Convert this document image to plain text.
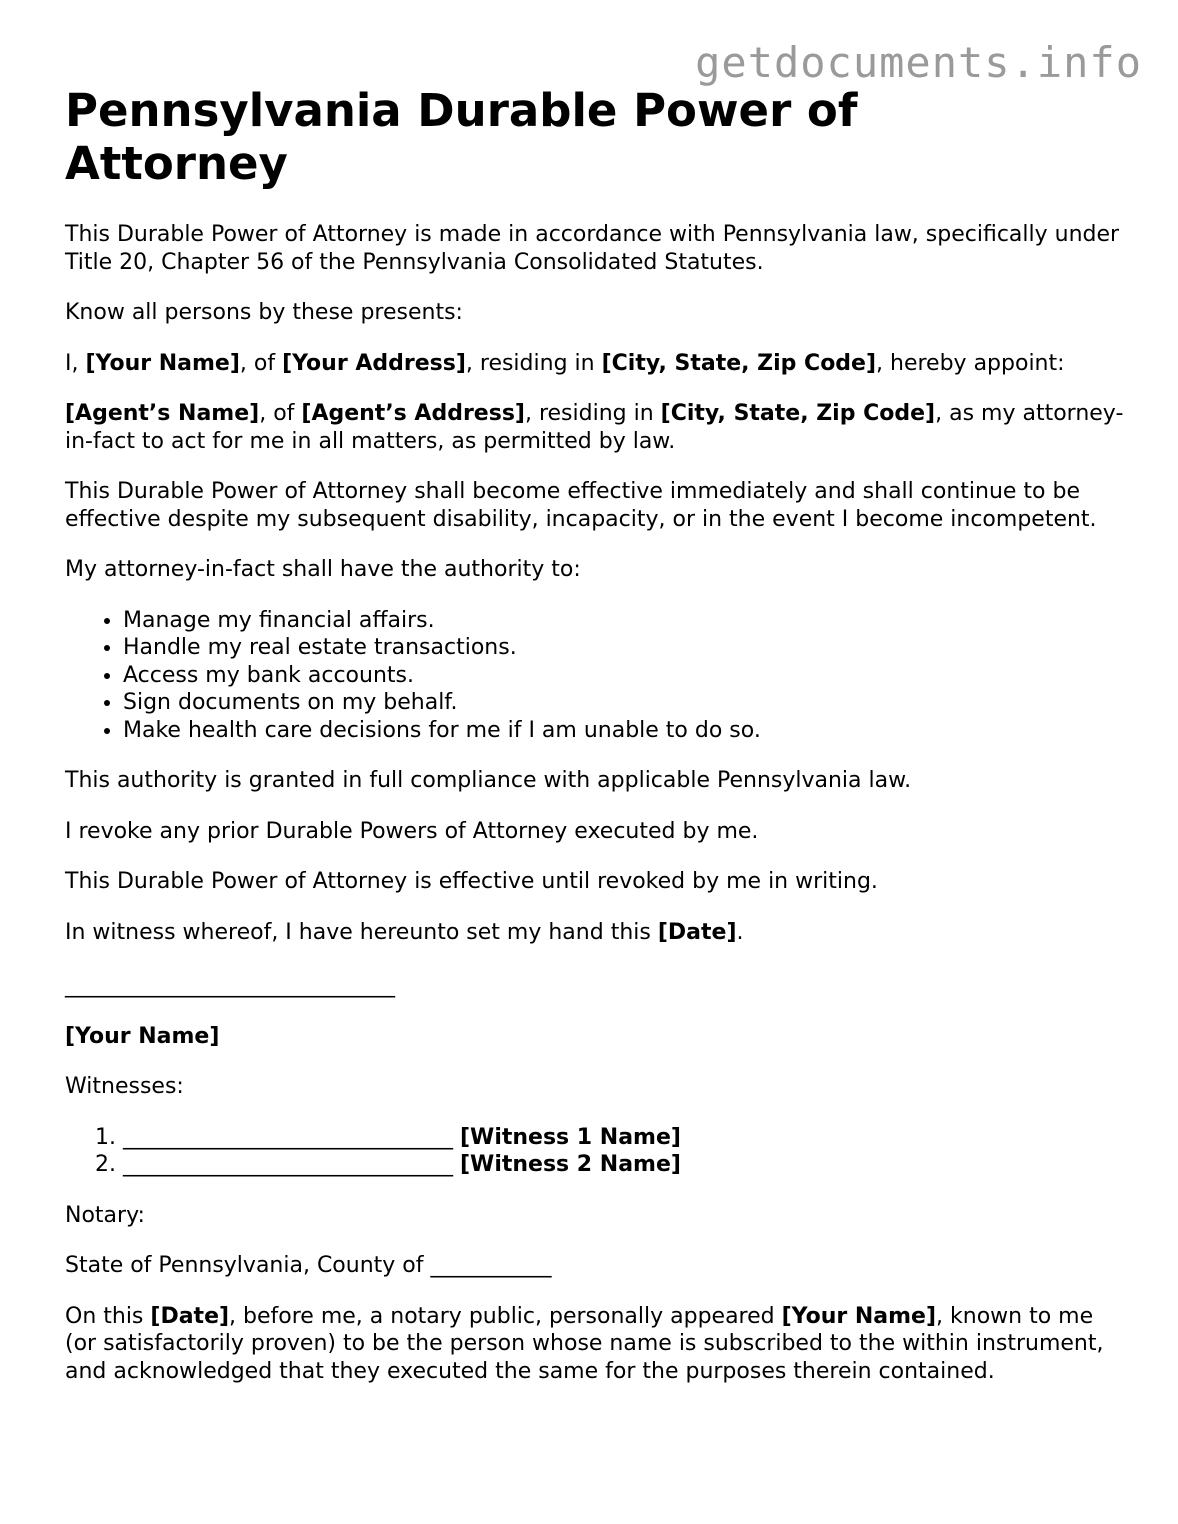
getdocuments.info
Pennsylvania Durable Power of Attorney

This Durable Power of Attorney is made in accordance with Pennsylvania law, specifically under Title 20, Chapter 56 of the Pennsylvania Consolidated Statutes.

Know all persons by these presents:

I, [Your Name], of [Your Address], residing in [City, State, Zip Code], hereby appoint:

[Agent’s Name], of [Agent’s Address], residing in [City, State, Zip Code], as my attorney-in-fact to act for me in all matters, as permitted by law.

This Durable Power of Attorney shall become effective immediately and shall continue to be effective despite my subsequent disability, incapacity, or in the event I become incompetent.

My attorney-in-fact shall have the authority to:

• Manage my financial affairs.
• Handle my real estate transactions.
• Access my bank accounts.
• Sign documents on my behalf.
• Make health care decisions for me if I am unable to do so.

This authority is granted in full compliance with applicable Pennsylvania law.

I revoke any prior Durable Powers of Attorney executed by me.

This Durable Power of Attorney is effective until revoked by me in writing.

In witness whereof, I have hereunto set my hand this [Date].

______________________________

[Your Name]

Witnesses:

1. ______________________________ [Witness 1 Name]
2. ______________________________ [Witness 2 Name]

Notary:

State of Pennsylvania, County of ___________

On this [Date], before me, a notary public, personally appeared [Your Name], known to me (or satisfactorily proven) to be the person whose name is subscribed to the within instrument, and acknowledged that they executed the same for the purposes therein contained.
